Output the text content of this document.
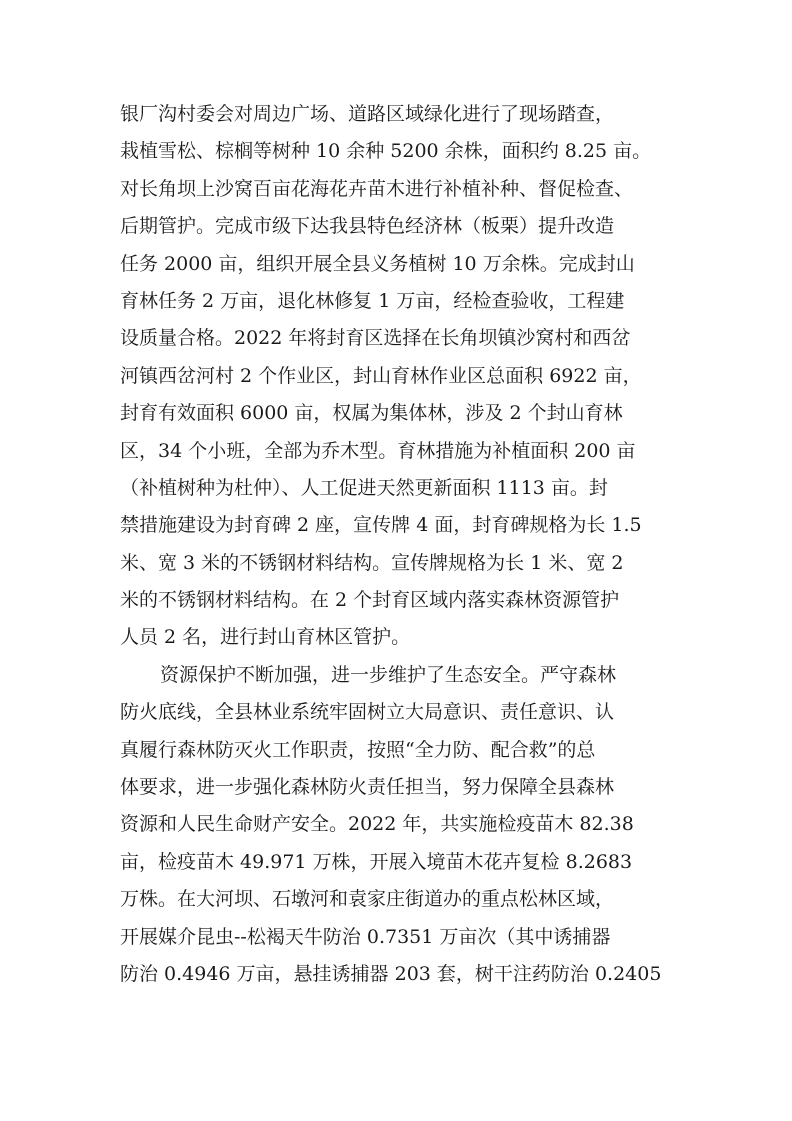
银厂沟村委会对周边广场、道路区域绿化进行了现场踏查，
栽植雪松、棕榈等树种 10 余种 5200 余株，面积约 8.25 亩。
对长角坝上沙窝百亩花海花卉苗木进行补植补种、督促检查、
后期管护。完成市级下达我县特色经济林（板栗）提升改造
任务 2000 亩，组织开展全县义务植树 10 万余株。完成封山
育林任务 2 万亩，退化林修复 1 万亩，经检查验收，工程建
设质量合格。2022 年将封育区选择在长角坝镇沙窝村和西岔
河镇西岔河村 2 个作业区，封山育林作业区总面积 6922 亩，
封育有效面积 6000 亩，权属为集体林，涉及 2 个封山育林
区，34 个小班，全部为乔木型。育林措施为补植面积 200 亩
（补植树种为杜仲）、人工促进天然更新面积 1113 亩。封
禁措施建设为封育碑 2 座，宣传牌 4 面，封育碑规格为长 1.5
米、宽 3 米的不锈钢材料结构。宣传牌规格为长 1 米、宽 2
米的不锈钢材料结构。在 2 个封育区域内落实森林资源管护
人员 2 名，进行封山育林区管护。
资源保护不断加强，进一步维护了生态安全。严守森林
防火底线，全县林业系统牢固树立大局意识、责任意识、认
真履行森林防灭火工作职责，按照“全力防、配合救”的总
体要求，进一步强化森林防火责任担当，努力保障全县森林
资源和人民生命财产安全。2022 年，共实施检疫苗木 82.38
亩，检疫苗木 49.971 万株，开展入境苗木花卉复检 8.2683
万株。在大河坝、石墩河和袁家庄街道办的重点松林区域，
开展媒介昆虫--松褐天牛防治 0.7351 万亩次（其中诱捕器
防治 0.4946 万亩，悬挂诱捕器 203 套，树干注药防治 0.2405
